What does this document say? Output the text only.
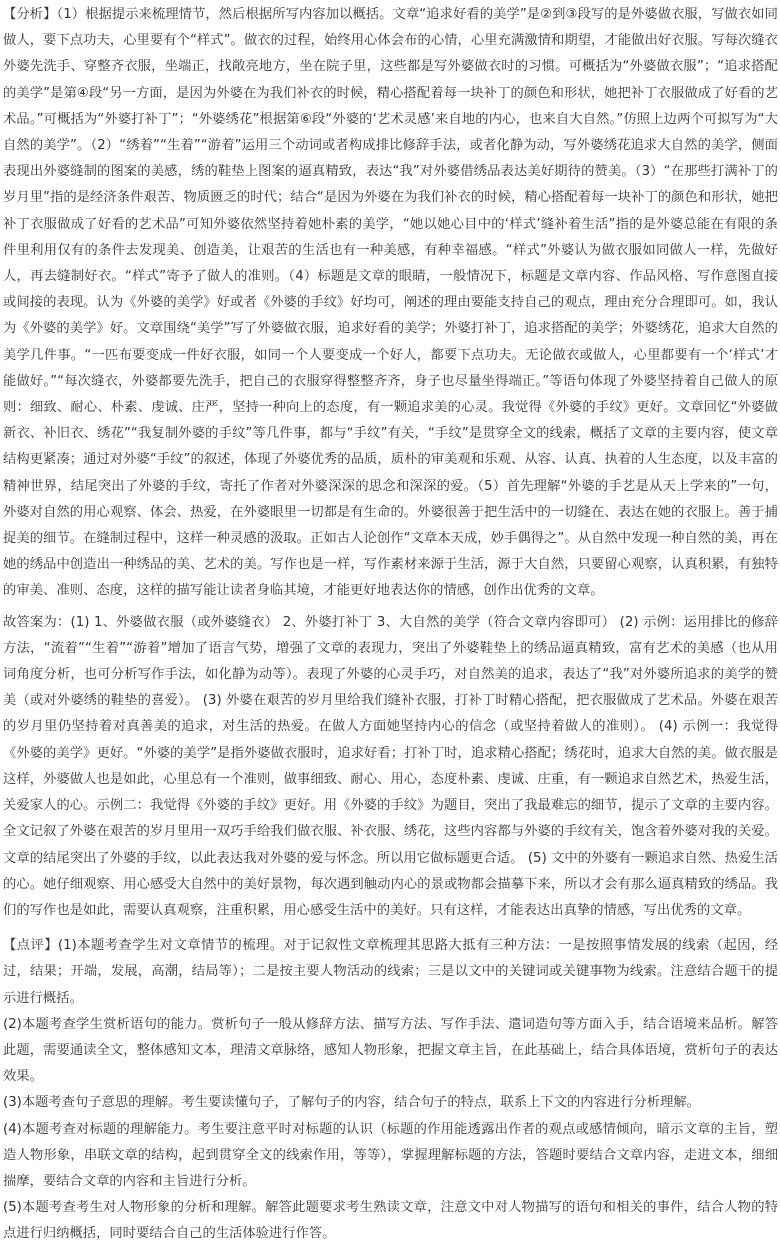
【分析】（1）根据提示来梳理情节，然后根据所写内容加以概括。文章“追求好看的美学”是②到③段写的是外婆做衣服，写做衣如同做人，要下点功夫，心里要有个“样式”。做衣的过程，始终用心体会布的心情，心里充满激情和期望，才能做出好衣服。写每次缝衣外婆先洗手、穿整齐衣服，坐端正，找敞亮地方，坐在院子里，这些都是写外婆做衣时的习惯。可概括为“外婆做衣服”；“追求搭配的美学”是第④段“另一方面，是因为外婆在为我们补衣的时候，精心搭配着每一块补丁的颜色和形状，她把补丁衣服做成了好看的艺术品。”可概括为“外婆打补丁”；“外婆绣花”根据第⑥段“外婆的‘艺术灵感’来自地的内心，也来自大自然。”仿照上边两个可拟写为“大自然的美学”。（2）“绣着”“生着”“游着”运用三个动词或者构成排比修辞手法，或者化静为动，写外婆绣花追求大自然的美学，侧面表现出外婆缝制的图案的美感，绣的鞋垫上图案的逼真精致，表达“我”对外婆借绣品表达美好期待的赞美。（3）“在那些打满补丁的岁月里”指的是经济条件艰苦、物质匮乏的时代；结合“是因为外婆在为我们补衣的时候，精心搭配着每一块补丁的颜色和形状，她把补丁衣服做成了好看的艺术品”可知外婆依然坚持着她朴素的美学，“她以她心目中的‘样式’缝补着生活”指的是外婆总能在有限的条件里利用仅有的条件去发现美、创造美，让艰苦的生活也有一种美感，有种幸福感。“样式”外婆认为做衣服如同做人一样，先做好人，再去缝制好衣。“样式”寄予了做人的准则。（4）标题是文章的眼睛，一般情况下，标题是文章内容、作品风格、写作意图直接或间接的表现。认为《外婆的美学》好或者《外婆的手纹》好均可，阐述的理由要能支持自己的观点，理由充分合理即可。如，我认为《外婆的美学》好。文章围绕“美学”写了外婆做衣服，追求好看的美学；外婆打补丁，追求搭配的美学；外婆绣花，追求大自然的美学几件事。“一匹布要变成一件好衣服，如同一个人要变成一个好人，都要下点功夫。无论做衣或做人，心里都要有一个‘样式’才能做好。”“每次缝衣，外婆都要先洗手，把自己的衣服穿得整整齐齐，身子也尽量坐得端正。”等语句体现了外婆坚持着自己做人的原则：细致、耐心、朴素、虔诚、庄严，坚持一种向上的态度，有一颗追求美的心灵。我觉得《外婆的手纹》更好。文章回忆“外婆做新衣、补旧衣、绣花”“我复制外婆的手纹”等几件事，都与“手纹”有关，“手纹”是贯穿全文的线索，概括了文章的主要内容，使文章结构更紧凑；通过对外婆“手纹”的叙述，体现了外婆优秀的品质，质朴的审美观和乐观、从容、认真、执着的人生态度，以及丰富的精神世界，结尾突出了外婆的手纹，寄托了作者对外婆深深的思念和深深的爱。（5）首先理解“外婆的手艺是从天上学来的”一句，外婆对自然的用心观察、体会、热爱，在外婆眼里一切都是有生命的。外婆很善于把生活中的一切缝在、表达在她的衣服上。善于捕捉美的细节。在缝制过程中，这样一种灵感的汲取。正如古人论创作“文章本天成，妙手偶得之”。从自然中发现一种自然的美，再在她的绣品中创造出一种绣品的美、艺术的美。写作也是一样，写作素材来源于生活，源于大自然，只要留心观察，认真积累，有独特的审美、准则、态度，这样的描写能让读者身临其境，才能更好地表达你的情感，创作出优秀的文章。

故答案为：(1) 1、外婆做衣服（或外婆缝衣） 2、外婆打补丁 3、大自然的美学（符合文章内容即可） (2) 示例：运用排比的修辞方法，“流着”“生着”“游着”增加了语言气势，增强了文章的表现力，突出了外婆鞋垫上的绣品逼真精致，富有艺术的美感（也从用词角度分析，也可分析写作手法，如化静为动等）。表现了外婆的心灵手巧，对自然美的追求，表达了“我”对外婆所追求的美学的赞美（或对外婆绣的鞋垫的喜爱）。 (3) 外婆在艰苦的岁月里给我们缝补衣服，打补丁时精心搭配，把衣服做成了艺术品。外婆在艰苦的岁月里仍坚持着对真善美的追求，对生活的热爱。在做人方面她坚持内心的信念（或坚持着做人的准则）。 (4) 示例一：我觉得《外婆的美学》更好。“外婆的美学”是指外婆做衣服时，追求好看；打补丁时，追求精心搭配；绣花时，追求大自然的美。做衣服是这样，外婆做人也是如此，心里总有一个准则，做事细致、耐心、用心，态度朴素、虔诚、庄重，有一颗追求自然艺术，热爱生活，关爱家人的心。示例二：我觉得《外婆的手纹》更好。用《外婆的手纹》为题目，突出了我最难忘的细节，提示了文章的主要内容。全文记叙了外婆在艰苦的岁月里用一双巧手给我们做衣服、补衣服、绣花，这些内容都与外婆的手纹有关，饱含着外婆对我的关爱。文章的结尾突出了外婆的手纹，以此表达我对外婆的爱与怀念。所以用它做标题更合适。 (5) 文中的外婆有一颗追求自然、热爱生活的心。她仔细观察、用心感受大自然中的美好景物，每次遇到触动内心的景或物都会描摹下来，所以才会有那么逼真精致的绣品。我们的写作也是如此，需要认真观察，注重积累，用心感受生活中的美好。只有这样，才能表达出真挚的情感，写出优秀的文章。

【点评】(1)本题考查学生对文章情节的梳理。对于记叙性文章梳理其思路大抵有三种方法：一是按照事情发展的线索（起因，经过，结果；开端，发展，高潮，结局等）；二是按主要人物活动的线索；三是以文中的关键词或关键事物为线索。注意结合题干的提示进行概括。

(2)本题考查学生赏析语句的能力。赏析句子一般从修辞方法、描写方法、写作手法、遣词造句等方面入手，结合语境来品析。解答此题，需要通读全文，整体感知文本，理清文章脉络，感知人物形象，把握文章主旨，在此基础上，结合具体语境，赏析句子的表达效果。

(3)本题考查句子意思的理解。考生要读懂句子，了解句子的内容，结合句子的特点，联系上下文的内容进行分析理解。

(4)本题考查对标题的理解能力。考生要注意平时对标题的认识（标题的作用能透露出作者的观点或感情倾向，暗示文章的主旨，塑造人物形象，串联文章的结构，起到贯穿全文的线索作用，等等），掌握理解标题的方法，答题时要结合文章内容，走进文本，细细揣摩，要结合文章的内容和主旨进行分析。

(5)本题考查考生对人物形象的分析和理解。解答此题要求考生熟读文章，注意文中对人物描写的语句和相关的事件，结合人物的特点进行归纳概括，同时要结合自己的生活体验进行作答。
